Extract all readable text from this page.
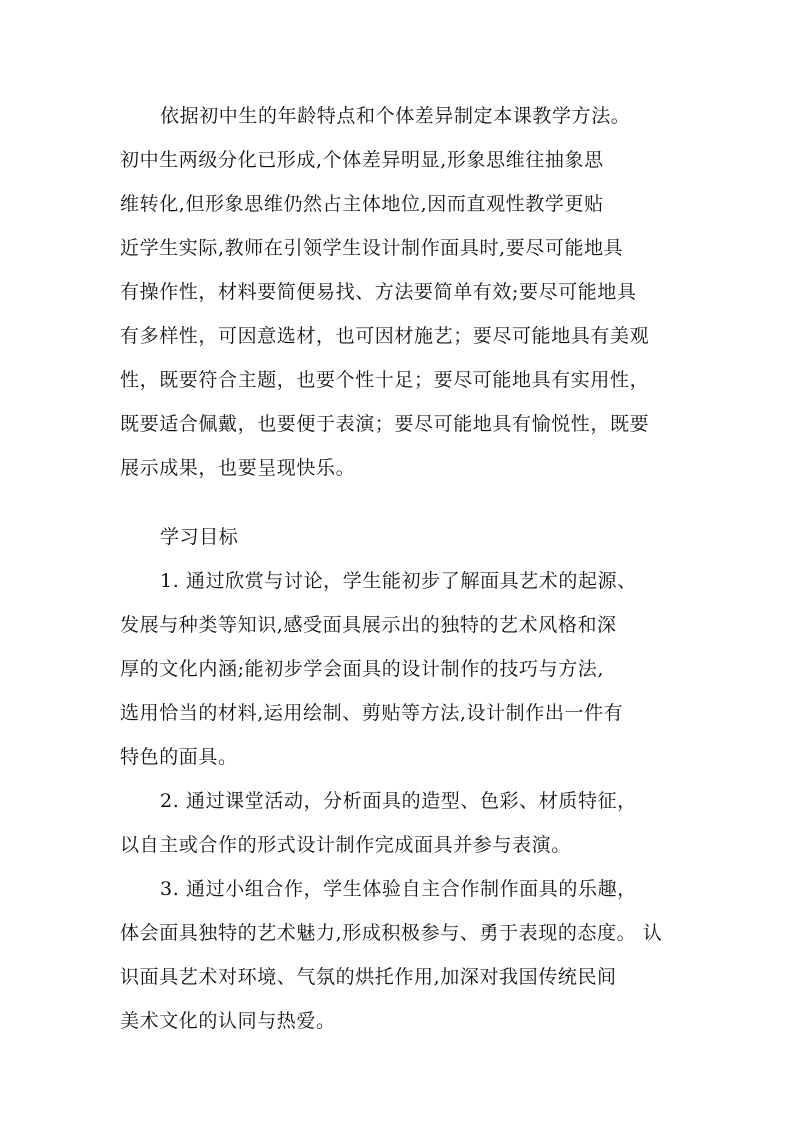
依据初中生的年龄特点和个体差异制定本课教学方法。
初中生两级分化已形成,个体差异明显,形象思维往抽象思
维转化,但形象思维仍然占主体地位,因而直观性教学更贴
近学生实际,教师在引领学生设计制作面具时,要尽可能地具
有操作性，材料要简便易找、方法要简单有效;要尽可能地具
有多样性，可因意选材，也可因材施艺；要尽可能地具有美观
性，既要符合主题，也要个性十足；要尽可能地具有实用性，
既要适合佩戴，也要便于表演；要尽可能地具有愉悦性，既要
展示成果，也要呈现快乐。
学习目标
1. 通过欣赏与讨论，学生能初步了解面具艺术的起源、
发展与种类等知识,感受面具展示出的独特的艺术风格和深
厚的文化内涵;能初步学会面具的设计制作的技巧与方法,
选用恰当的材料,运用绘制、剪贴等方法,设计制作出一件有
特色的面具。
2. 通过课堂活动，分析面具的造型、色彩、材质特征，
以自主或合作的形式设计制作完成面具并参与表演。
3. 通过小组合作，学生体验自主合作制作面具的乐趣，
体会面具独特的艺术魅力,形成积极参与、勇于表现的态度。 认
识面具艺术对环境、气氛的烘托作用,加深对我国传统民间
美术文化的认同与热爱。
